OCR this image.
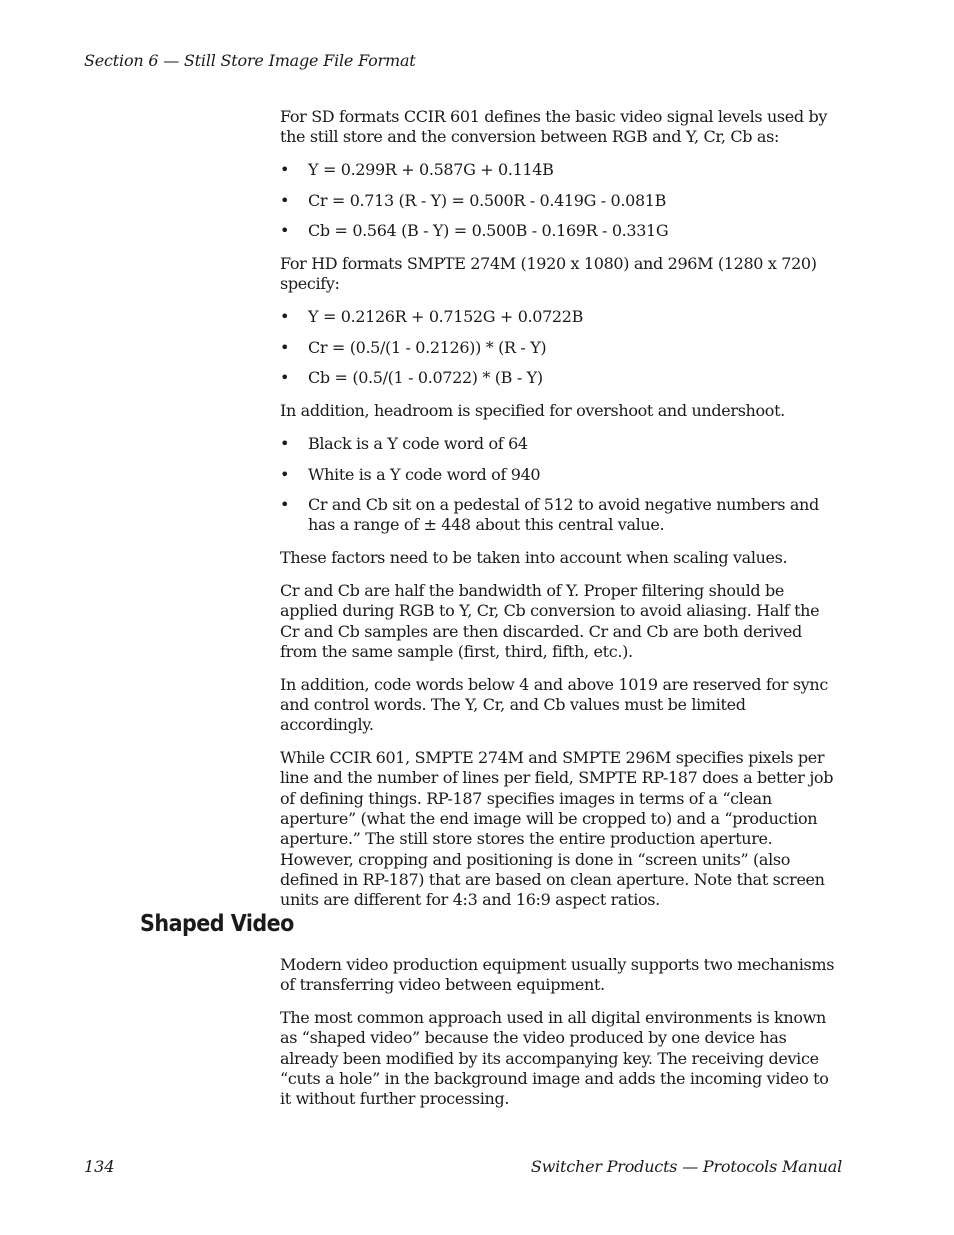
Section 6 — Still Store Image File Format

For SD formats CCIR 601 defines the basic video signal levels used by the still store and the conversion between RGB and Y, Cr, Cb as:

• Y = 0.299R + 0.587G + 0.114B
• Cr = 0.713 (R - Y) = 0.500R - 0.419G - 0.081B
• Cb = 0.564 (B - Y) = 0.500B - 0.169R - 0.331G

For HD formats SMPTE 274M (1920 x 1080) and 296M (1280 x 720) specify:

• Y = 0.2126R + 0.7152G + 0.0722B
• Cr = (0.5/(1 - 0.2126)) * (R - Y)
• Cb = (0.5/(1 - 0.0722) * (B - Y)

In addition, headroom is specified for overshoot and undershoot.

• Black is a Y code word of 64
• White is a Y code word of 940
• Cr and Cb sit on a pedestal of 512 to avoid negative numbers and has a range of ± 448 about this central value.

These factors need to be taken into account when scaling values.

Cr and Cb are half the bandwidth of Y. Proper filtering should be applied during RGB to Y, Cr, Cb conversion to avoid aliasing. Half the Cr and Cb samples are then discarded. Cr and Cb are both derived from the same sample (first, third, fifth, etc.).

In addition, code words below 4 and above 1019 are reserved for sync and control words. The Y, Cr, and Cb values must be limited accordingly.

While CCIR 601, SMPTE 274M and SMPTE 296M specifies pixels per line and the number of lines per field, SMPTE RP-187 does a better job of defining things. RP-187 specifies images in terms of a “clean aperture” (what the end image will be cropped to) and a “production aperture.” The still store stores the entire production aperture. However, cropping and positioning is done in “screen units” (also defined in RP-187) that are based on clean aperture. Note that screen units are different for 4:3 and 16:9 aspect ratios.

Shaped Video

Modern video production equipment usually supports two mechanisms of transferring video between equipment.

The most common approach used in all digital environments is known as “shaped video” because the video produced by one device has already been modified by its accompanying key. The receiving device “cuts a hole” in the background image and adds the incoming video to it without further processing.

134	Switcher Products — Protocols Manual
